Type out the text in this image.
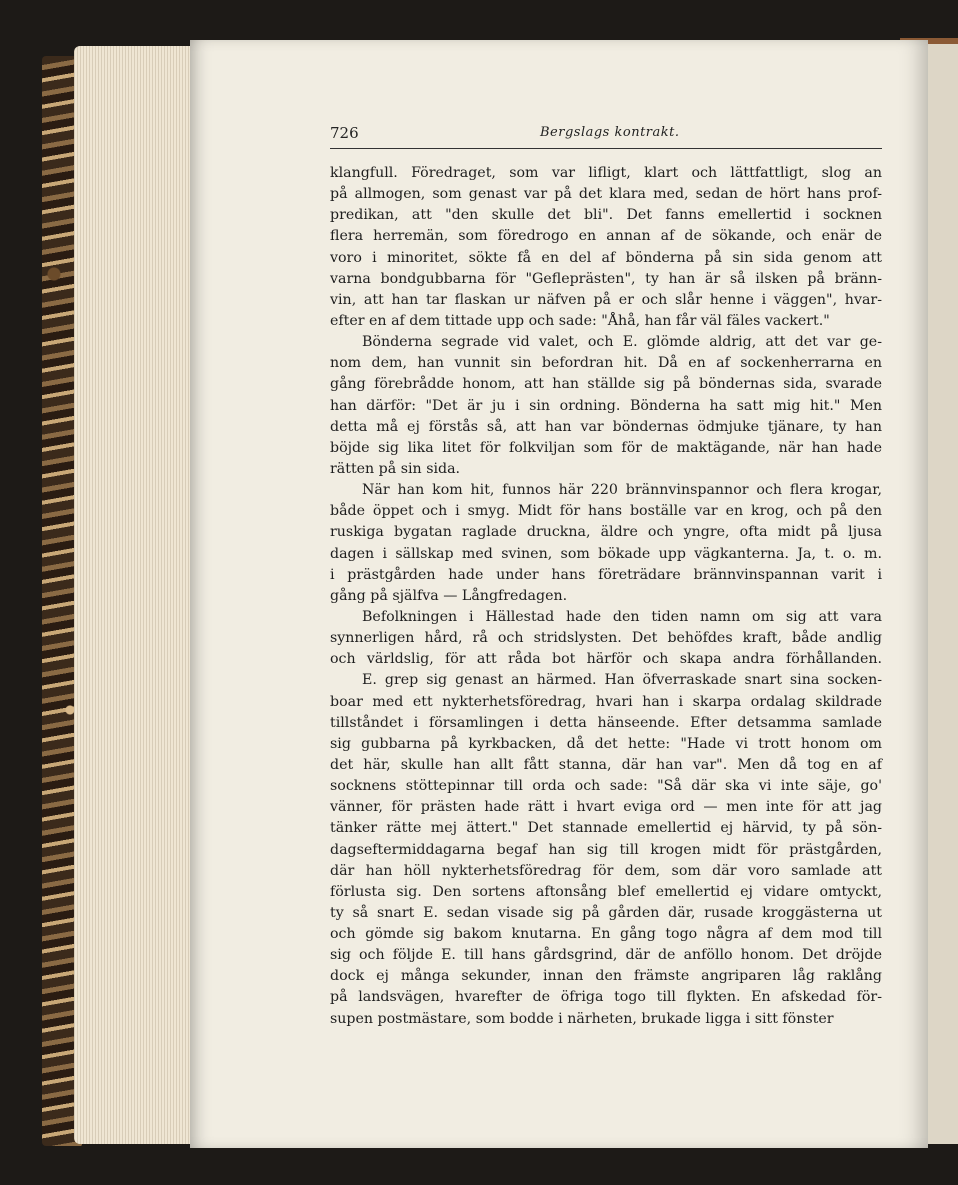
726	Bergslags kontrakt.
klangfull. Föredraget, som var lifligt, klart och lättfattligt, slog an
på allmogen, som genast var på det klara med, sedan de hört hans prof-
predikan, att "den skulle det bli". Det fanns emellertid i socknen
flera herremän, som föredrogo en annan af de sökande, och enär de
voro i minoritet, sökte få en del af bönderna på sin sida genom att
varna bondgubbarna för "Gefleprästen", ty han är så ilsken på bränn-
vin, att han tar flaskan ur näfven på er och slår henne i väggen", hvar-
efter en af dem tittade upp och sade: "Åhå, han får väl fäles vackert."
Bönderna segrade vid valet, och E. glömde aldrig, att det var ge-
nom dem, han vunnit sin befordran hit. Då en af sockenherrarna en
gång förebrådde honom, att han ställde sig på böndernas sida, svarade
han därför: "Det är ju i sin ordning. Bönderna ha satt mig hit." Men
detta må ej förstås så, att han var böndernas ödmjuke tjänare, ty han
böjde sig lika litet för folkviljan som för de maktägande, när han hade
rätten på sin sida.
När han kom hit, funnos här 220 brännvinspannor och flera krogar,
både öppet och i smyg. Midt för hans boställe var en krog, och på den
ruskiga bygatan raglade druckna, äldre och yngre, ofta midt på ljusa
dagen i sällskap med svinen, som bökade upp vägkanterna. Ja, t. o. m.
i prästgården hade under hans företrädare brännvinspannan varit i
gång på själfva — Långfredagen.
Befolkningen i Hällestad hade den tiden namn om sig att vara
synnerligen hård, rå och stridslysten. Det behöfdes kraft, både andlig
och världslig, för att råda bot härför och skapa andra förhållanden.
E. grep sig genast an härmed. Han öfverraskade snart sina socken-
boar med ett nykterhetsföredrag, hvari han i skarpa ordalag skildrade
tillståndet i församlingen i detta hänseende. Efter detsamma samlade
sig gubbarna på kyrkbacken, då det hette: "Hade vi trott honom om
det här, skulle han allt fått stanna, där han var". Men då tog en af
socknens stöttepinnar till orda och sade: "Så där ska vi inte säje, go'
vänner, för prästen hade rätt i hvart eviga ord — men inte för att jag
tänker rätte mej ättert." Det stannade emellertid ej härvid, ty på sön-
dagseftermiddagarna begaf han sig till krogen midt för prästgården,
där han höll nykterhetsföredrag för dem, som där voro samlade att
förlusta sig. Den sortens aftonsång blef emellertid ej vidare omtyckt,
ty så snart E. sedan visade sig på gården där, rusade kroggästerna ut
och gömde sig bakom knutarna. En gång togo några af dem mod till
sig och följde E. till hans gårdsgrind, där de anföllo honom. Det dröjde
dock ej många sekunder, innan den främste angriparen låg raklång
på landsvägen, hvarefter de öfriga togo till flykten. En afskedad för-
supen postmästare, som bodde i närheten, brukade ligga i sitt fönster
